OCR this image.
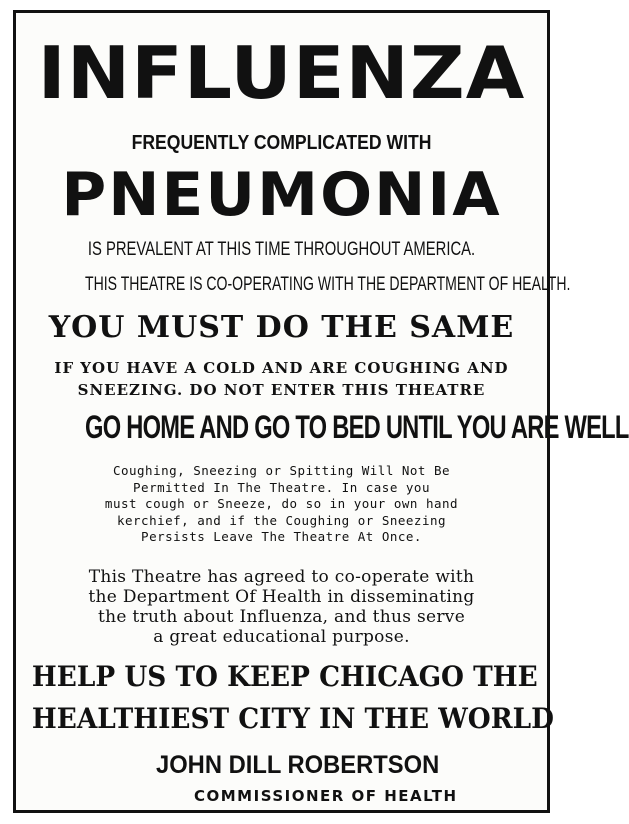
INFLUENZA
FREQUENTLY COMPLICATED WITH
PNEUMONIA
IS PREVALENT AT THIS TIME THROUGHOUT AMERICA.
THIS THEATRE IS CO-OPERATING WITH THE DEPARTMENT OF HEALTH.
YOU MUST DO THE SAME
IF YOU HAVE A COLD AND ARE COUGHING AND
SNEEZING. DO NOT ENTER THIS THEATRE
GO HOME AND GO TO BED UNTIL YOU ARE WELL
Coughing, Sneezing or Spitting Will Not Be
Permitted In The Theatre. In case you
must cough or Sneeze, do so in your own hand
kerchief, and if the Coughing or Sneezing
Persists Leave The Theatre At Once.
This Theatre has agreed to co-operate with
the Department Of Health in disseminating
the truth about Influenza, and thus serve
a great educational purpose.
HELP US TO KEEP CHICAGO THE
HEALTHIEST CITY IN THE WORLD
JOHN DILL ROBERTSON
COMMISSIONER OF HEALTH
